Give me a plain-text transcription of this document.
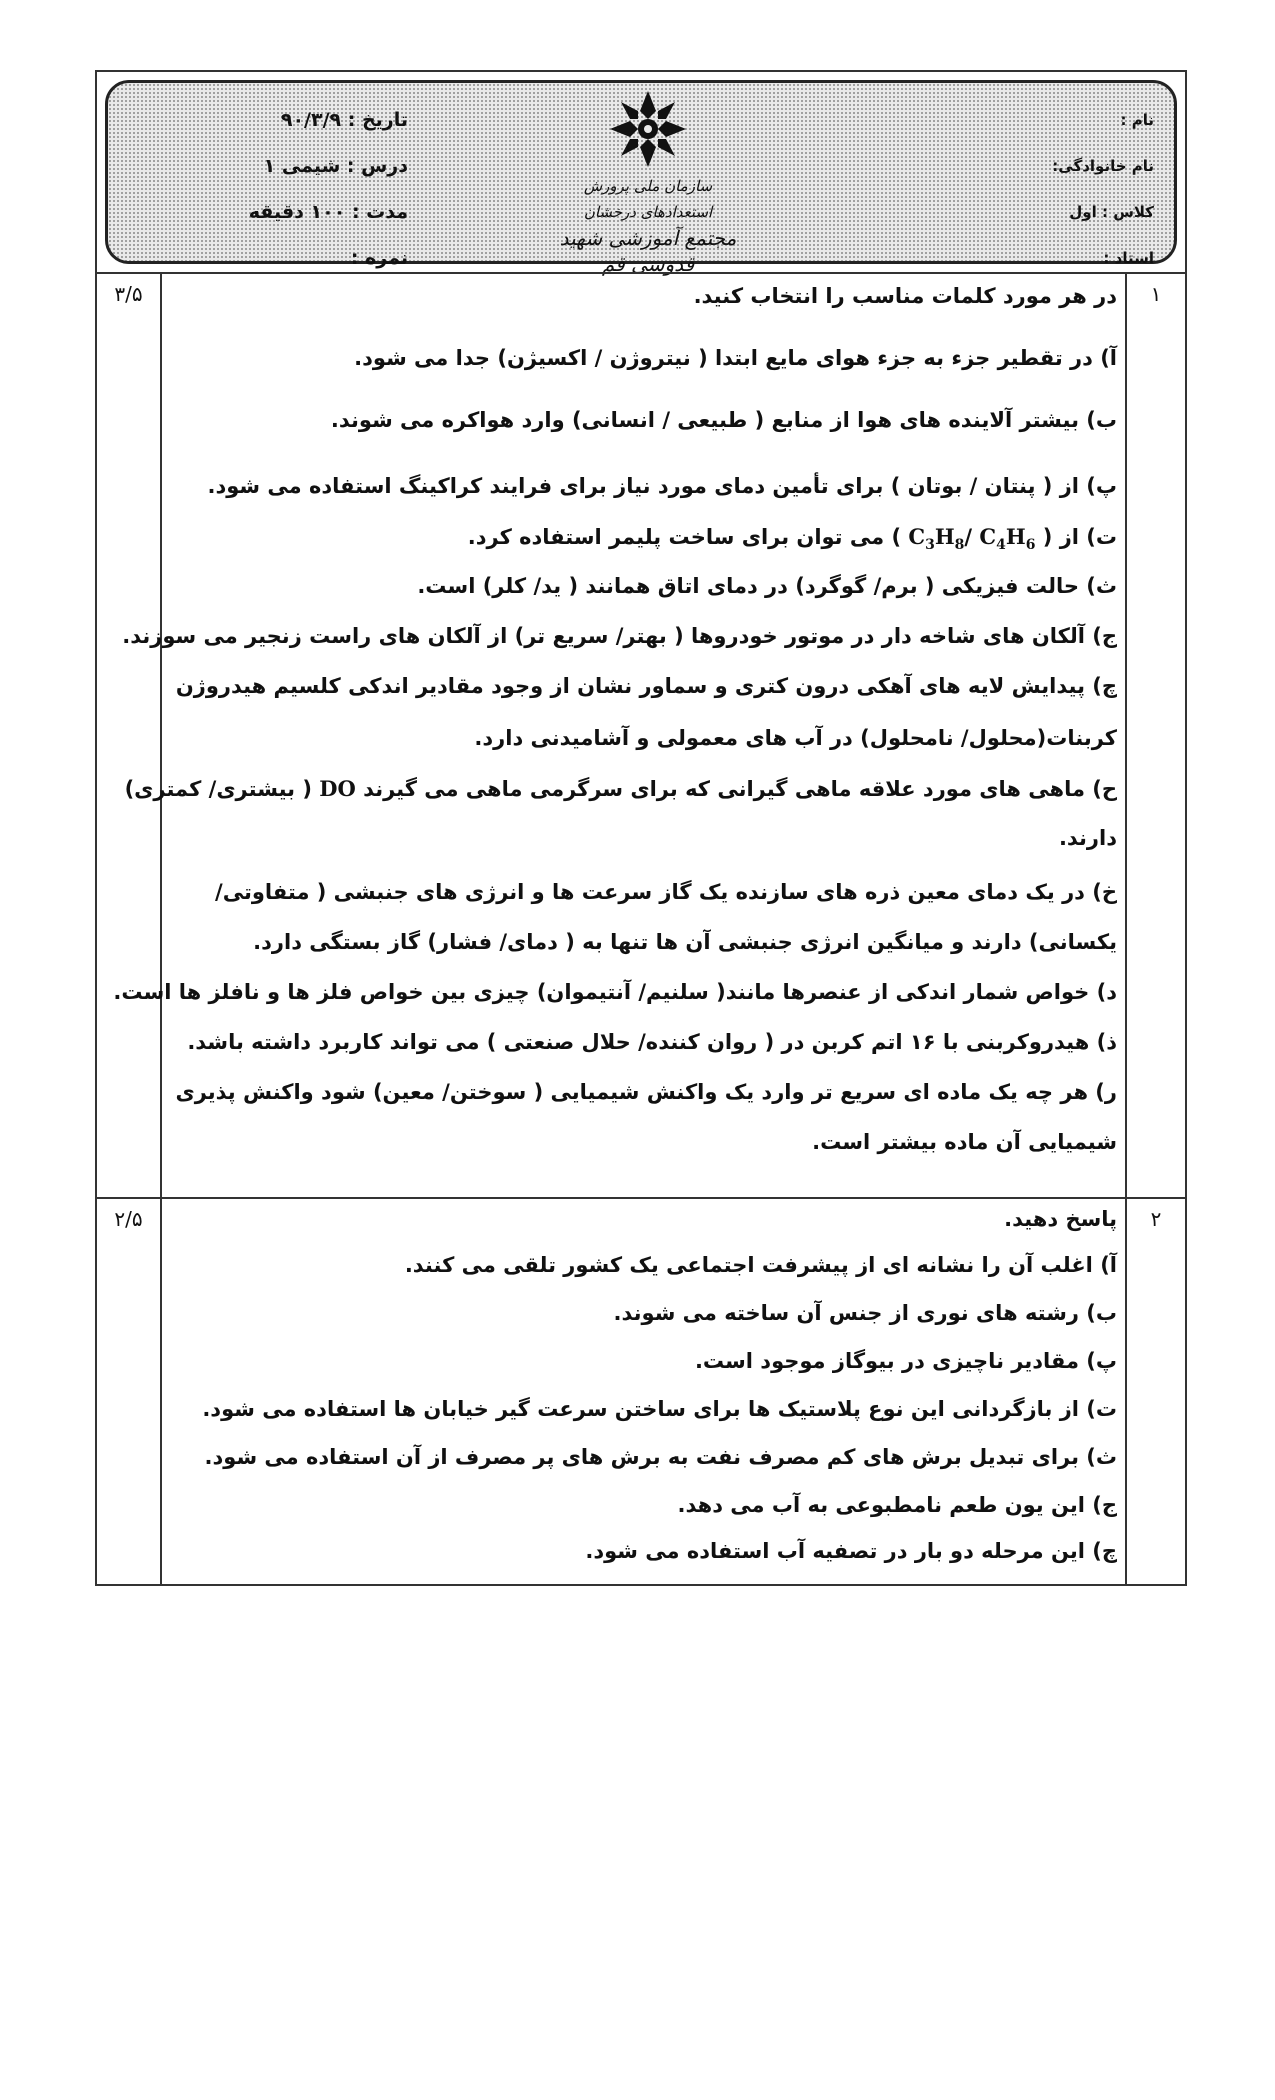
نام :
نام خانوادگی:
کلاس : اول
استاد :
سازمان ملی پرورش استعدادهای درخشان
مجتمع آموزشی شهید قدوسی قم
تاریخ : ۹۰/۳/۹
درس : شیمی ۱
مدت : ۱۰۰ دقیقه
نمره :
۱
۳/۵	در هر مورد کلمات مناسب را انتخاب کنید.
آ) در تقطیر جزء به جزء هوای مایع ابتدا ( نیتروژن / اکسیژن) جدا می شود.
ب) بیشتر آلاینده های هوا از منابع ( طبیعی / انسانی) وارد هواکره می شوند.
پ) از ( پنتان / بوتان ) برای تأمین دمای مورد نیاز برای فرایند کراکینگ استفاده می شود.
ت) از ( $C_3H_8/$ $C_4H_6$ ) می توان برای ساخت پلیمر استفاده کرد.
ث) حالت فیزیکی ( برم/ گوگرد) در دمای اتاق همانند ( ید/ کلر) است.
ج) آلکان های شاخه دار در موتور خودروها ( بهتر/ سریع تر) از آلکان های راست زنجیر می سوزند.
چ) پیدایش لایه های آهکی درون کتری و سماور نشان از وجود مقادیر اندکی کلسیم هیدروژن
کربنات(محلول/ نامحلول) در آب های معمولی و آشامیدنی دارد.
ح) ماهی های مورد علاقه ماهی گیرانی که برای سرگرمی ماهی می گیرند DO ( بیشتری/ کمتری)
دارند.
خ) در یک دمای معین ذره های سازنده یک گاز سرعت ها و انرژی های جنبشی ( متفاوتی/
یکسانی) دارند و میانگین انرژی جنبشی آن ها تنها به ( دمای/ فشار) گاز بستگی دارد.
د) خواص شمار اندکی از عنصرها مانند( سلنیم/ آنتیموان) چیزی بین خواص فلز ها و نافلز ها است.
ذ) هیدروکربنی با ۱۶ اتم کربن در ( روان کننده/ حلال صنعتی ) می تواند کاربرد داشته باشد.
ر) هر چه یک ماده ای سریع تر وارد یک واکنش شیمیایی ( سوختن/ معین) شود واکنش پذیری
شیمیایی آن ماده بیشتر است.
۲
۲/۵	پاسخ دهید.
آ) اغلب آن را نشانه ای از پیشرفت اجتماعی یک کشور تلقی می کنند.
ب) رشته های نوری از جنس آن ساخته می شوند.
پ) مقادیر ناچیزی در بیوگاز موجود است.
ت) از بازگردانی این نوع پلاستیک ها برای ساختن سرعت گیر خیابان ها استفاده می شود.
ث) برای تبدیل برش های کم مصرف نفت به برش های پر مصرف از آن استفاده می شود.
ج) این یون طعم نامطبوعی به آب می دهد.
چ) این مرحله دو بار در تصفیه آب استفاده می شود.
